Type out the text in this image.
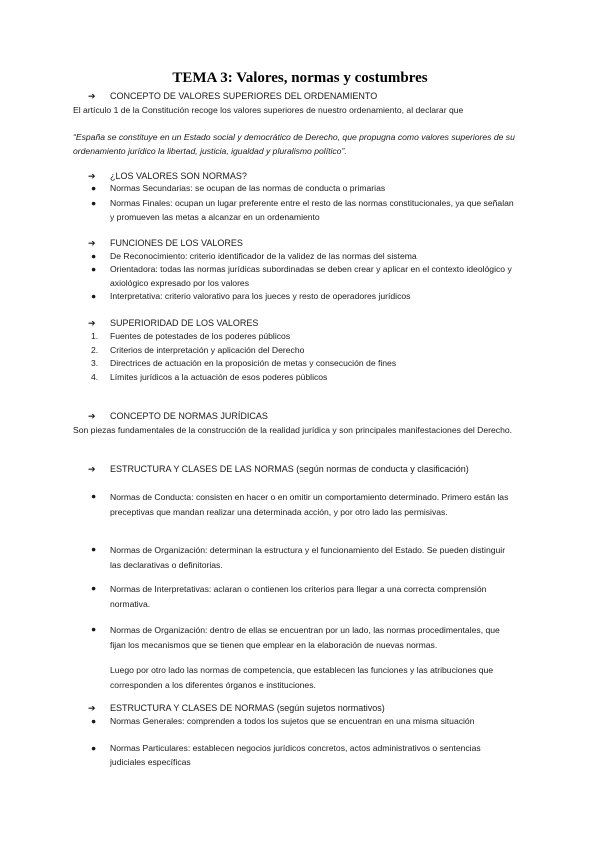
TEMA 3: Valores, normas y costumbres
➔ CONCEPTO DE VALORES SUPERIORES DEL ORDENAMIENTO
El artículo 1 de la Constitución recoge los valores superiores de nuestro ordenamiento, al declarar que
“España se constituye en un Estado social y democrático de Derecho, que propugna como valores superiores de su ordenamiento jurídico la libertad, justicia, igualdad y pluralismo político”.
➔ ¿LOS VALORES SON NORMAS?
●	Normas Secundarias: se ocupan de las normas de conducta o primarias
●	Normas Finales: ocupan un lugar preferente entre el resto de las normas constitucionales, ya que señalan y promueven las metas a alcanzar en un ordenamiento
➔ FUNCIONES DE LOS VALORES
●	De Reconocimiento: criterio identificador de la validez de las normas del sistema
●	Orientadora: todas las normas jurídicas subordinadas se deben crear y aplicar en el contexto ideológico y axiológico expresado por los valores
●	Interpretativa: criterio valorativo para los jueces y resto de operadores jurídicos
➔ SUPERIORIDAD DE LOS VALORES
1.	Fuentes de potestades de los poderes públicos
2.	Criterios de interpretación y aplicación del Derecho
3.	Directrices de actuación en la proposición de metas y consecución de fines
4.	Límites jurídicos a la actuación de esos poderes públicos
➔ CONCEPTO DE NORMAS JURÍDICAS
Son piezas fundamentales de la construcción de la realidad jurídica y son principales manifestaciones del Derecho.
➔	ESTRUCTURA Y CLASES DE LAS NORMAS (según normas de conducta y clasificación)
●	Normas de Conducta: consisten en hacer o en omitir un comportamiento determinado. Primero están las preceptivas que mandan realizar una determinada acción, y por otro lado las permisivas.
●	Normas de Organización: determinan la estructura y el funcionamiento del Estado. Se pueden distinguir las declarativas o definitorias.
●	Normas de Interpretativas: aclaran o contienen los criterios para llegar a una correcta comprensión normativa.
●	Normas de Organización: dentro de ellas se encuentran por un lado, las normas procedimentales, que fijan los mecanismos que se tienen que emplear en la elaboración de nuevas normas.
Luego por otro lado las normas de competencia, que establecen las funciones y las atribuciones que corresponden a los diferentes órganos e instituciones.
➔ ESTRUCTURA Y CLASES DE NORMAS (según sujetos normativos)
●	Normas Generales: comprenden a todos los sujetos que se encuentran en una misma situación
●	Normas Particulares: establecen negocios jurídicos concretos, actos administrativos o sentencias judiciales específicas
